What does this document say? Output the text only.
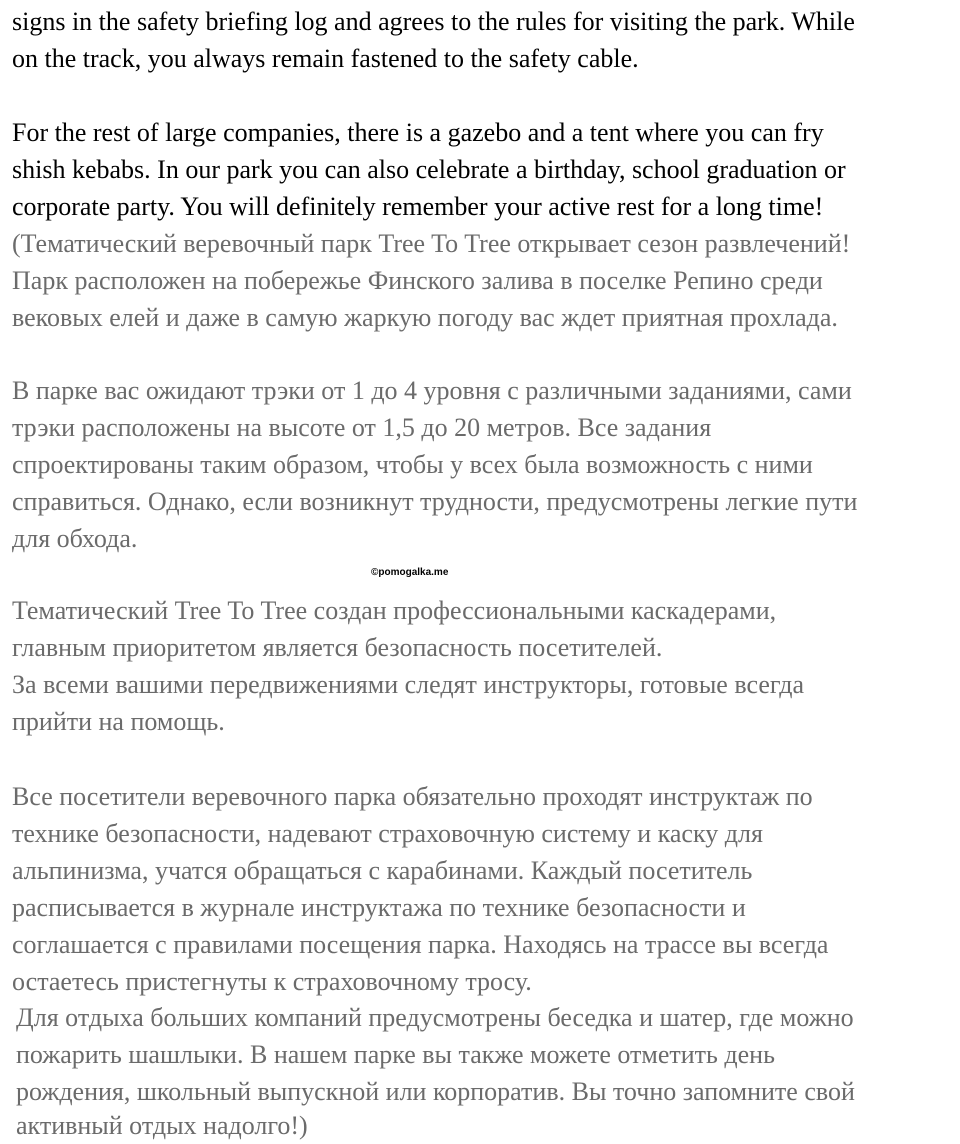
signs in the safety briefing log and agrees to the rules for visiting the park. While
on the track, you always remain fastened to the safety cable.
For the rest of large companies, there is a gazebo and a tent where you can fry
shish kebabs. In our park you can also celebrate a birthday, school graduation or
corporate party. You will definitely remember your active rest for a long time!
(Тематический веревочный парк Tree To Tree открывает сезон развлечений!
Парк расположен на побережье Финского залива в поселке Репино среди
вековых елей и даже в самую жаркую погоду вас ждет приятная прохлада.
В парке вас ожидают трэки от 1 до 4 уровня с различными заданиями, сами
трэки расположены на высоте от 1,5 до 20 метров. Все задания
спроектированы таким образом, чтобы у всех была возможность с ними
справиться. Однако, если возникнут трудности, предусмотрены легкие пути
для обхода.
©pomogalka.me
Тематический Tree To Tree создан профессиональными каскадерами,
главным приоритетом является безопасность посетителей.
За всеми вашими передвижениями следят инструкторы, готовые всегда
прийти на помощь.
Все посетители веревочного парка обязательно проходят инструктаж по
технике безопасности, надевают страховочную систему и каску для
альпинизма, учатся обращаться с карабинами. Каждый посетитель
расписывается в журнале инструктажа по технике безопасности и
соглашается с правилами посещения парка. Находясь на трассе вы всегда
остаетесь пристегнуты к страховочному тросу.
Для отдыха больших компаний предусмотрены беседка и шатер, где можно
пожарить шашлыки. В нашем парке вы также можете отметить день
рождения, школьный выпускной или корпоратив. Вы точно запомните свой
активный отдых надолго!)
